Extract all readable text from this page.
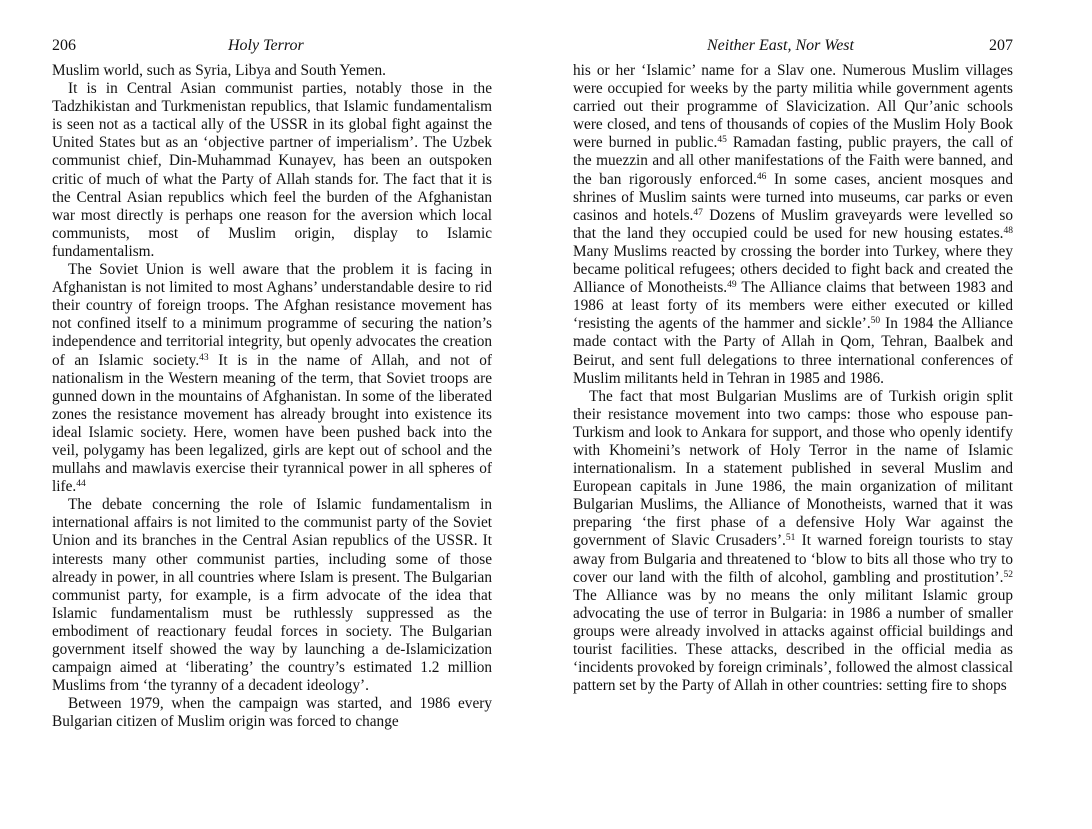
206	Holy Terror

Muslim world, such as Syria, Libya and South Yemen.

It is in Central Asian communist parties, notably those in the Tadzhikistan and Turkmenistan republics, that Islamic fundamentalism is seen not as a tactical ally of the USSR in its global fight against the United States but as an ‘objective partner of imperialism’. The Uzbek communist chief, Din-Muhammad Kunayev, has been an outspoken critic of much of what the Party of Allah stands for. The fact that it is the Central Asian republics which feel the burden of the Afghanistan war most directly is perhaps one reason for the aversion which local communists, most of Muslim origin, display to Islamic fundamentalism.

The Soviet Union is well aware that the problem it is facing in Afghanistan is not limited to most Aghans’ understandable desire to rid their country of foreign troops. The Afghan resistance movement has not confined itself to a minimum programme of securing the nation’s independence and territorial integrity, but openly advocates the creation of an Islamic society.$^{43}$ It is in the name of Allah, and not of nationalism in the Western meaning of the term, that Soviet troops are gunned down in the mountains of Afghanistan. In some of the liberated zones the resistance movement has already brought into existence its ideal Islamic society. Here, women have been pushed back into the veil, polygamy has been legalized, girls are kept out of school and the mullahs and mawlavis exercise their tyrannical power in all spheres of life.$^{44}$

The debate concerning the role of Islamic fundamentalism in international affairs is not limited to the communist party of the Soviet Union and its branches in the Central Asian republics of the USSR. It interests many other communist parties, including some of those already in power, in all countries where Islam is present. The Bulgarian communist party, for example, is a firm advocate of the idea that Islamic fundamentalism must be ruthlessly suppressed as the embodiment of reactionary feudal forces in society. The Bulgarian government itself showed the way by launching a de-Islamicization campaign aimed at ‘liberating’ the country’s estimated 1.2 million Muslims from ‘the tyranny of a decadent ideology’.

Between 1979, when the campaign was started, and 1986 every Bulgarian citizen of Muslim origin was forced to change

Neither East, Nor West	207

his or her ‘Islamic’ name for a Slav one. Numerous Muslim villages were occupied for weeks by the party militia while government agents carried out their programme of Slavicization. All Qur’anic schools were closed, and tens of thousands of copies of the Muslim Holy Book were burned in public.$^{45}$ Ramadan fasting, public prayers, the call of the muezzin and all other manifestations of the Faith were banned, and the ban rigorously enforced.$^{46}$ In some cases, ancient mosques and shrines of Muslim saints were turned into museums, car parks or even casinos and hotels.$^{47}$ Dozens of Muslim graveyards were levelled so that the land they occupied could be used for new housing estates.$^{48}$ Many Muslims reacted by crossing the border into Turkey, where they became political refugees; others decided to fight back and created the Alliance of Monotheists.$^{49}$ The Alliance claims that between 1983 and 1986 at least forty of its members were either executed or killed ‘resisting the agents of the hammer and sickle’.$^{50}$ In 1984 the Alliance made contact with the Party of Allah in Qom, Tehran, Baalbek and Beirut, and sent full delegations to three international conferences of Muslim militants held in Tehran in 1985 and 1986.

The fact that most Bulgarian Muslims are of Turkish origin split their resistance movement into two camps: those who espouse pan-Turkism and look to Ankara for support, and those who openly identify with Khomeini’s network of Holy Terror in the name of Islamic internationalism. In a statement published in several Muslim and European capitals in June 1986, the main organization of militant Bulgarian Muslims, the Alliance of Monotheists, warned that it was preparing ‘the first phase of a defensive Holy War against the government of Slavic Crusaders’.$^{51}$ It warned foreign tourists to stay away from Bulgaria and threatened to ‘blow to bits all those who try to cover our land with the filth of alcohol, gambling and prostitution’.$^{52}$ The Alliance was by no means the only militant Islamic group advocating the use of terror in Bulgaria: in 1986 a number of smaller groups were already involved in attacks against official buildings and tourist facilities. These attacks, described in the official media as ‘incidents provoked by foreign criminals’, followed the almost classical pattern set by the Party of Allah in other countries: setting fire to shops
